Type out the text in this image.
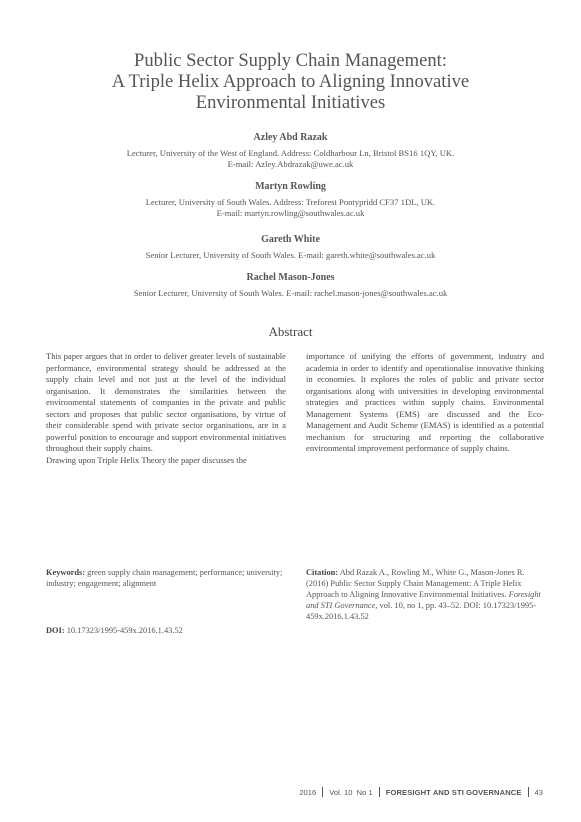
Public Sector Supply Chain Management:
A Triple Helix Approach to Aligning Innovative
Environmental Initiatives
Azley Abd Razak
Lecturer, University of the West of England. Address: Coldharbour Ln, Bristol BS16 1QY, UK.
E-mail: Azley.Abdrazak@uwe.ac.uk
Martyn Rowling
Lecturer, University of South Wales. Address: Treforest Pontypridd CF37 1DL, UK.
E-mail: martyn.rowling@southwales.ac.uk
Gareth White
Senior Lecturer, University of South Wales. E-mail: gareth.white@southwales.ac.uk
Rachel Mason-Jones
Senior Lecturer, University of South Wales. E-mail: rachel.mason-jones@southwales.ac.uk
Abstract

This paper argues that in order to deliver greater levels of sustainable performance, environmental strategy should be addressed at the supply chain level and not just at the level of the individual organisation. It demonstrates the similarities between the environmental statements of companies in the private and public sectors and proposes that public sector organisations, by virtue of their considerable spend with private sector organisations, are in a powerful position to encourage and support environmental initiatives throughout their supply chains.

Drawing upon Triple Helix Theory the paper discusses the

importance of unifying the efforts of government, industry and academia in order to identify and operationalise innovative thinking in economies. It explores the roles of public and private sector organisations along with universities in developing environmental strategies and practices within supply chains. Environmental Management Systems (EMS) are discussed and the Eco-Management and Audit Scheme (EMAS) is identified as a potential mechanism for structuring and reporting the collaborative environmental improvement performance of supply chains.

Keywords: green supply chain management; performance; university; industry; engagement; alignment
DOI: 10.17323/1995-459x.2016.1.43.52
Citation: Abd Razak A., Rowling M., White G., Mason-Jones R. (2016) Public Sector Supply Chain Management: A Triple Helix Approach to Aligning Innovative Environmental Initiatives. Foresight and STI Governance, vol. 10, no 1, pp. 43–52. DOI: 10.17323/1995-459x.2016.1.43.52
2016 Vol. 10  No 1 FORESIGHT AND STI GOVERNANCE 43
